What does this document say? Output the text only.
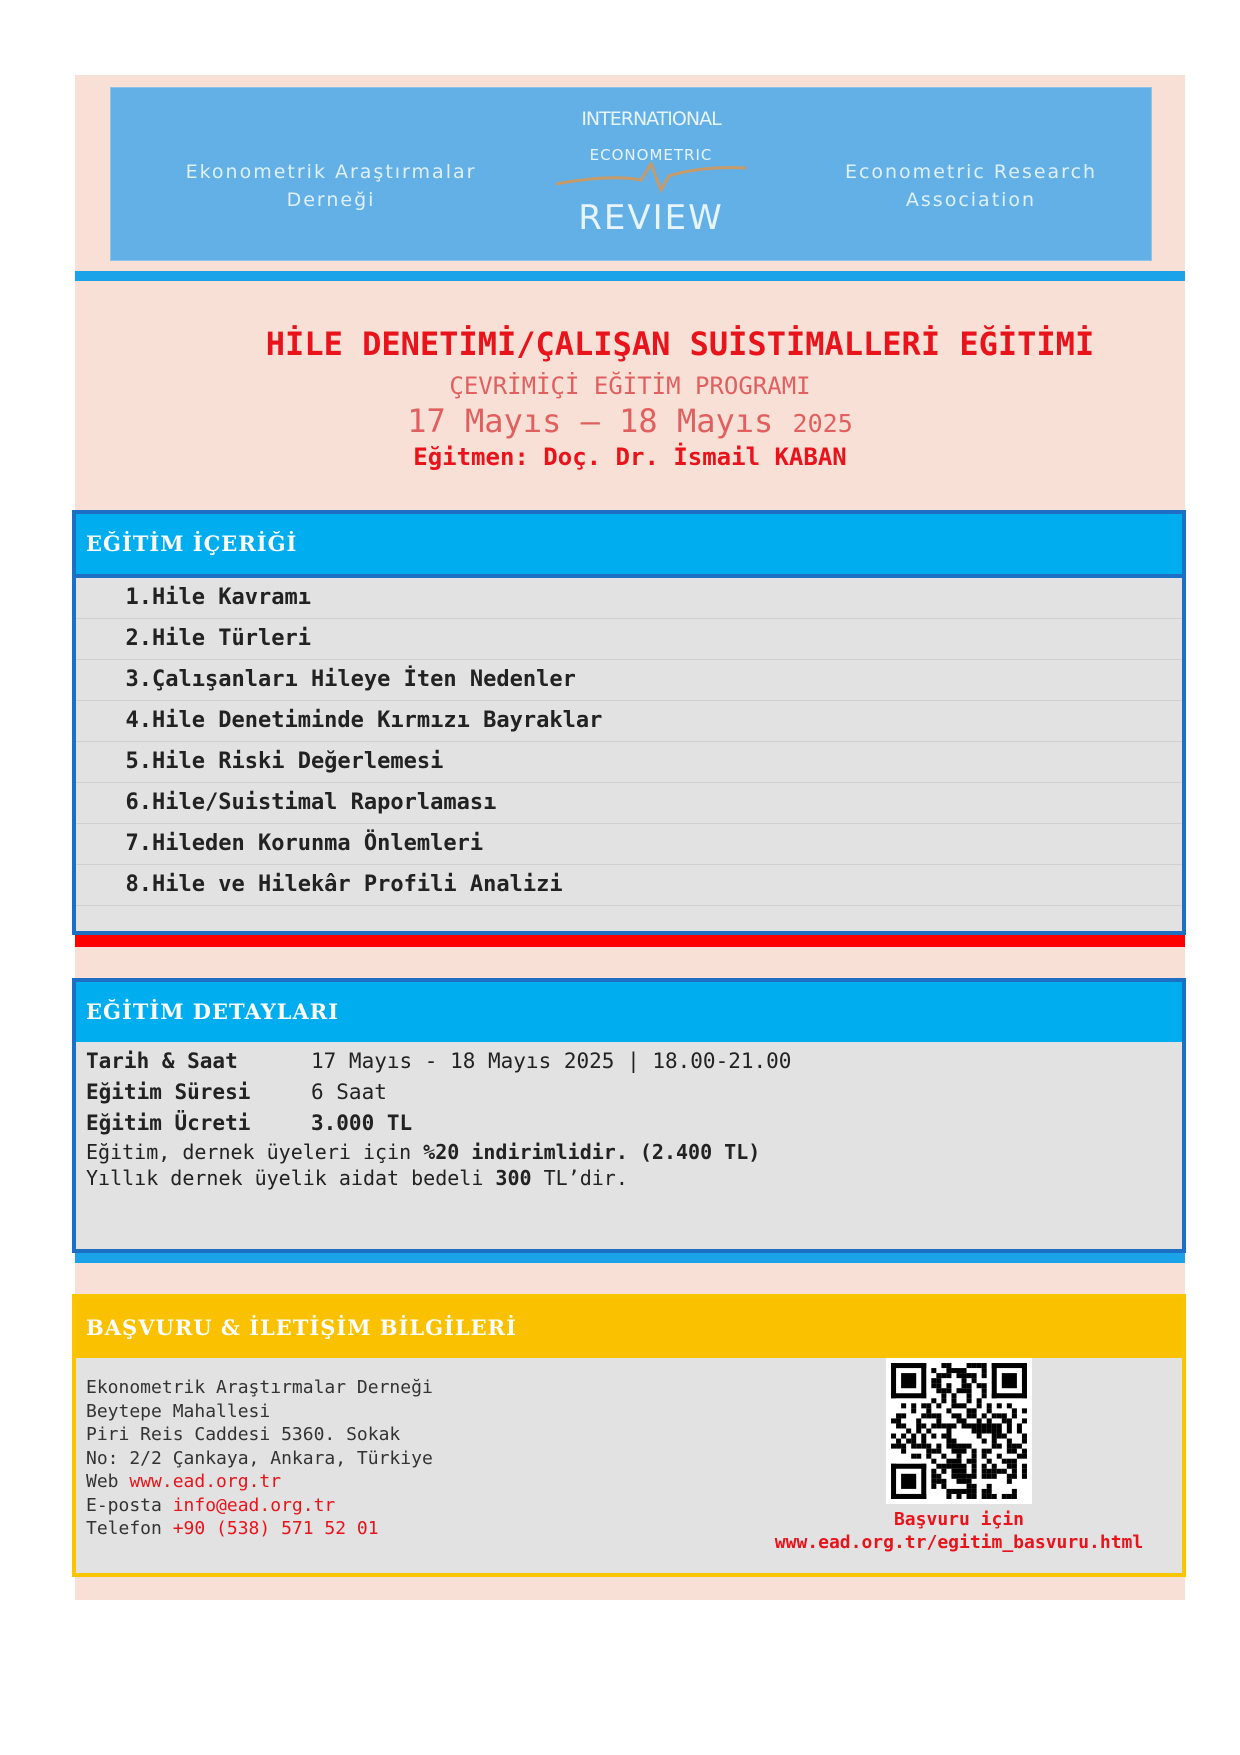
Ekonometrik Araştırmalar
Derneği
INTERNATIONAL
ECONOMETRIC
REVIEW
Econometric Research
Association
HİLE DENETİMİ/ÇALIŞAN SUİSTİMALLERİ EĞİTİMİ
ÇEVRİMİÇİ EĞİTİM PROGRAMI
17 Mayıs – 18 Mayıs 2025
Eğitmen: Doç. Dr. İsmail KABAN
EĞİTİM İÇERİĞİ
1.Hile Kavramı
2.Hile Türleri
3.Çalışanları Hileye İten Nedenler
4.Hile Denetiminde Kırmızı Bayraklar
5.Hile Riski Değerlemesi
6.Hile/Suistimal Raporlaması
7.Hileden Korunma Önlemleri
8.Hile ve Hilekâr Profili Analizi
EĞİTİM DETAYLARI
Tarih & Saat	17 Mayıs - 18 Mayıs 2025 | 18.00-21.00
Eğitim Süresi	6 Saat
Eğitim Ücreti	3.000 TL
Eğitim, dernek üyeleri için %20 indirimlidir. (2.400 TL)
Yıllık dernek üyelik aidat bedeli 300 TL’dir.
BAŞVURU & İLETİŞİM BİLGİLERİ
Ekonometrik Araştırmalar Derneği
Beytepe Mahallesi
Piri Reis Caddesi 5360. Sokak
No: 2/2 Çankaya, Ankara, Türkiye
Web www.ead.org.tr
E-posta info@ead.org.tr
Telefon +90 (538) 571 52 01	Başvuru için
www.ead.org.tr/egitim_basvuru.html
